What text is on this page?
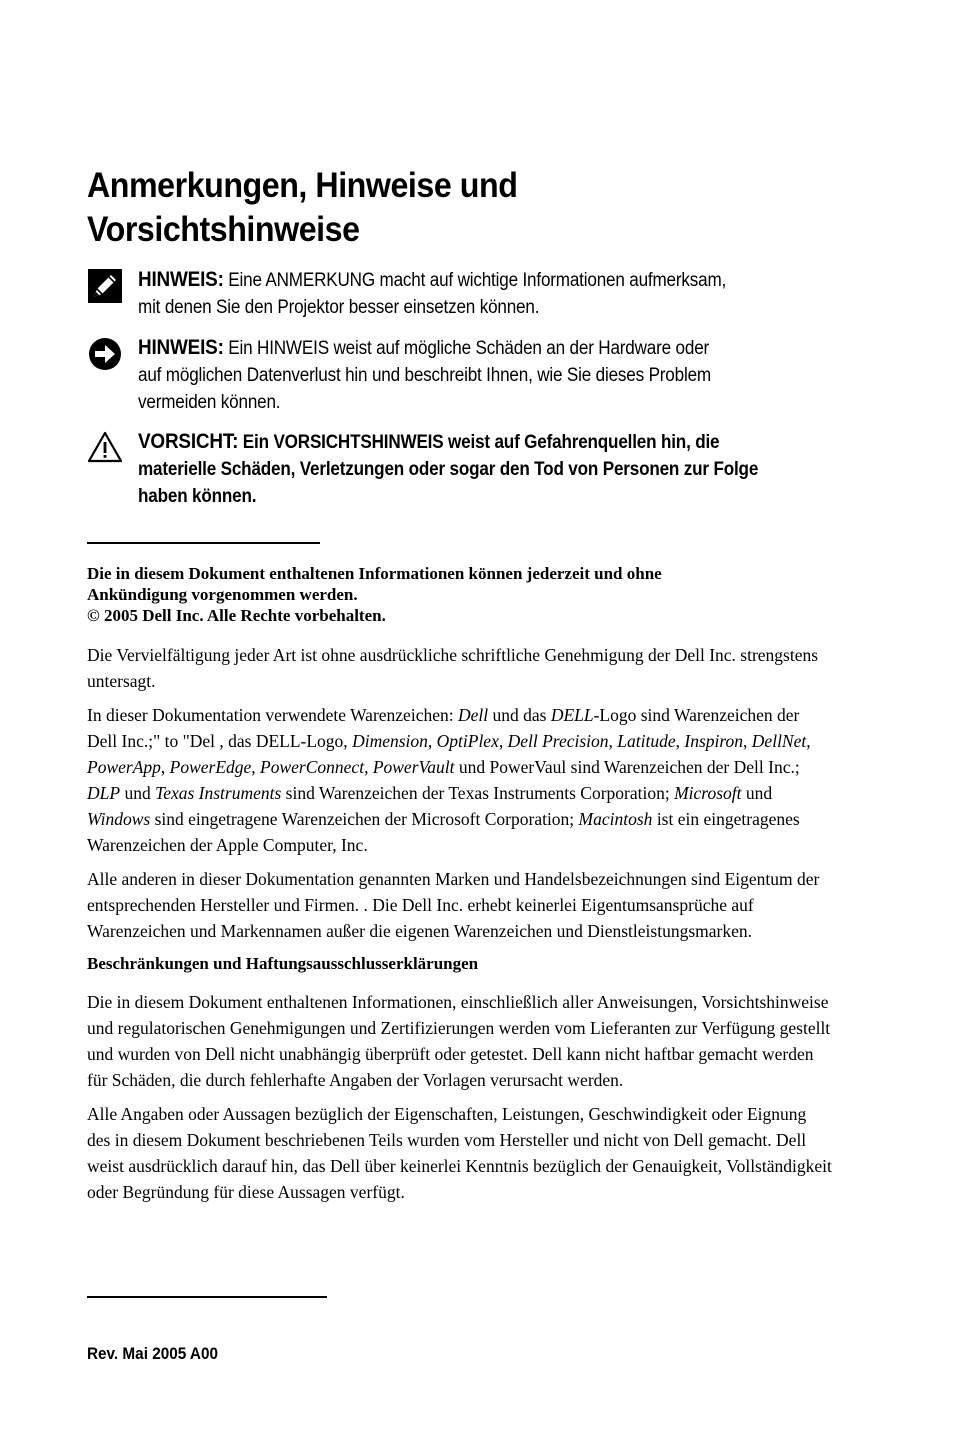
Anmerkungen, Hinweise und
Vorsichtshinweise
HINWEIS: Eine ANMERKUNG macht auf wichtige Informationen aufmerksam,
mit denen Sie den Projektor besser einsetzen können.
HINWEIS: Ein HINWEIS weist auf mögliche Schäden an der Hardware oder
auf möglichen Datenverlust hin und beschreibt Ihnen, wie Sie dieses Problem
vermeiden können.
VORSICHT: Ein VORSICHTSHINWEIS weist auf Gefahrenquellen hin, die
materielle Schäden, Verletzungen oder sogar den Tod von Personen zur Folge
haben können.
Die in diesem Dokument enthaltenen Informationen können jederzeit und ohne
Ankündigung vorgenommen werden.
© 2005 Dell Inc. Alle Rechte vorbehalten.

Die Vervielfältigung jeder Art ist ohne ausdrückliche schriftliche Genehmigung der Dell Inc. strengstens untersagt.

In dieser Dokumentation verwendete Warenzeichen: Dell und das DELL-Logo sind Warenzeichen der Dell Inc.;" to "Del , das DELL-Logo, Dimension, OptiPlex, Dell Precision, Latitude, Inspiron, DellNet, PowerApp, PowerEdge, PowerConnect, PowerVault und PowerVaul sind Warenzeichen der Dell Inc.; DLP und Texas Instruments sind Warenzeichen der Texas Instruments Corporation; Microsoft und Windows sind eingetragene Warenzeichen der Microsoft Corporation; Macintosh ist ein eingetragenes Warenzeichen der Apple Computer, Inc.

Alle anderen in dieser Dokumentation genannten Marken und Handelsbezeichnungen sind Eigentum der entsprechenden Hersteller und Firmen. . Die Dell Inc. erhebt keinerlei Eigentumsansprüche auf Warenzeichen und Markennamen außer die eigenen Warenzeichen und Dienstleistungsmarken.

Beschränkungen und Haftungsausschlusserklärungen

Die in diesem Dokument enthaltenen Informationen, einschließlich aller Anweisungen, Vorsichtshinweise und regulatorischen Genehmigungen und Zertifizierungen werden vom Lieferanten zur Verfügung gestellt und wurden von Dell nicht unabhängig überprüft oder getestet. Dell kann nicht haftbar gemacht werden für Schäden, die durch fehlerhafte Angaben der Vorlagen verursacht werden.

Alle Angaben oder Aussagen bezüglich der Eigenschaften, Leistungen, Geschwindigkeit oder Eignung des in diesem Dokument beschriebenen Teils wurden vom Hersteller und nicht von Dell gemacht. Dell weist ausdrücklich darauf hin, das Dell über keinerlei Kenntnis bezüglich der Genauigkeit, Vollständigkeit oder Begründung für diese Aussagen verfügt.

Rev. Mai 2005 A00
